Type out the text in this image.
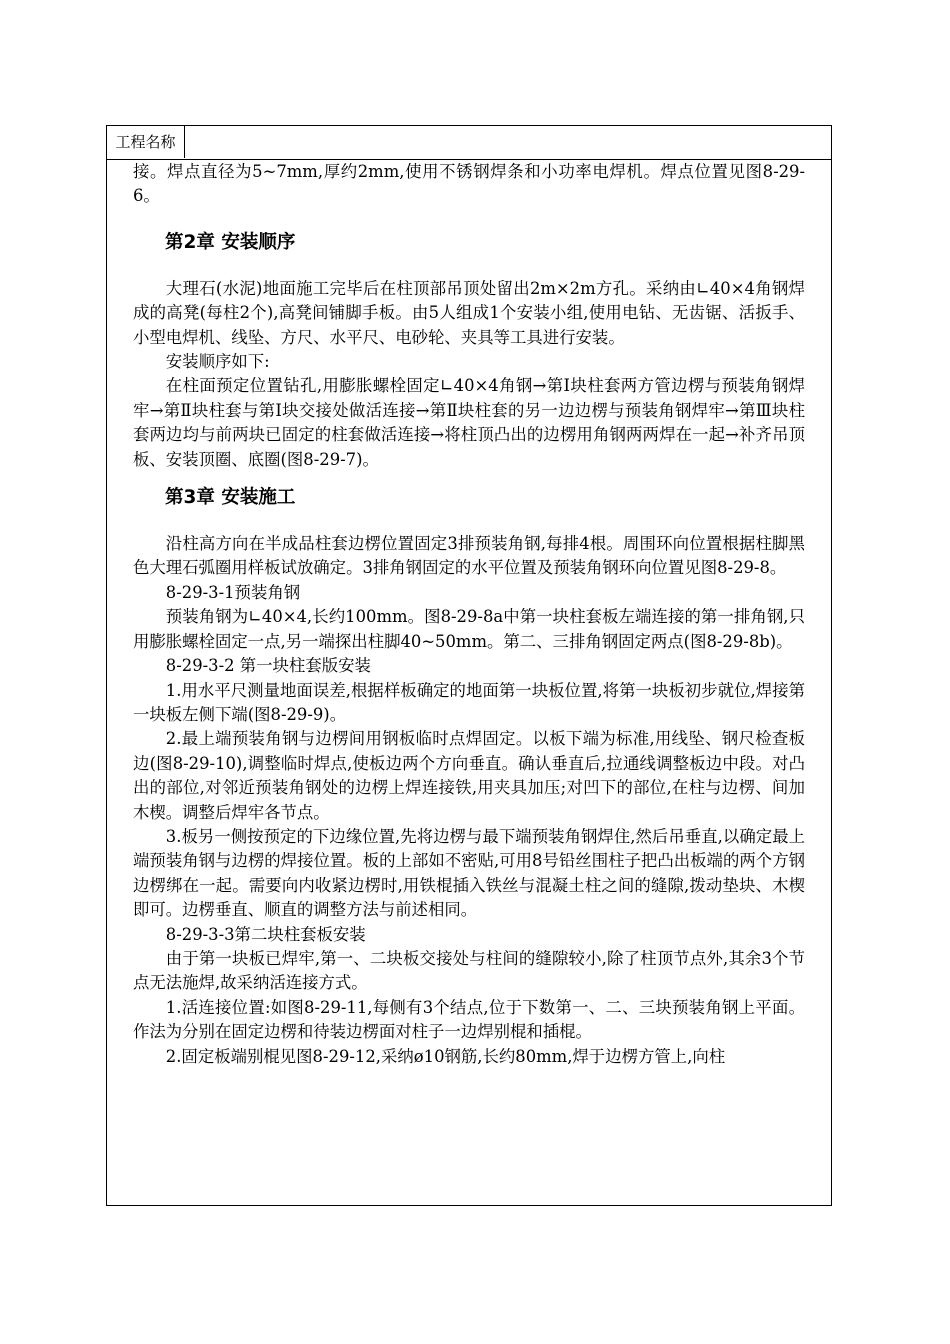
工程名称

接。焊点直径为5~7mm,厚约2mm,使用不锈钢焊条和小功率电焊机。焊点位置见图8-29-6。

第2章 安装顺序

大理石(水泥)地面施工完毕后在柱顶部吊顶处留出2m×2m方孔。采纳由∟40×4角钢焊成的高凳(每柱2个),高凳间铺脚手板。由5人组成1个安装小组,使用电钻、无齿锯、活扳手、小型电焊机、线坠、方尺、水平尺、电砂轮、夹具等工具进行安装。

安装顺序如下:

在柱面预定位置钻孔,用膨胀螺栓固定∟40×4角钢→第Ⅰ块柱套两方管边楞与预装角钢焊牢→第Ⅱ块柱套与第Ⅰ块交接处做活连接→第Ⅱ块柱套的另一边边楞与预装角钢焊牢→第Ⅲ块柱套两边均与前两块已固定的柱套做活连接→将柱顶凸出的边楞用角钢两两焊在一起→补齐吊顶板、安装顶圈、底圈(图8-29-7)。

第3章 安装施工

沿柱高方向在半成品柱套边楞位置固定3排预装角钢,每排4根。周围环向位置根据柱脚黑色大理石弧圈用样板试放确定。3排角钢固定的水平位置及预装角钢环向位置见图8-29-8。

8-29-3-1预装角钢

预装角钢为∟40×4,长约100mm。图8-29-8a中第一块柱套板左端连接的第一排角钢,只用膨胀螺栓固定一点,另一端探出柱脚40~50mm。第二、三排角钢固定两点(图8-29-8b)。

8-29-3-2 第一块柱套版安装

1.用水平尺测量地面误差,根据样板确定的地面第一块板位置,将第一块板初步就位,焊接第一块板左侧下端(图8-29-9)。

2.最上端预装角钢与边楞间用钢板临时点焊固定。以板下端为标准,用线坠、钢尺检查板边(图8-29-10),调整临时焊点,使板边两个方向垂直。确认垂直后,拉通线调整板边中段。对凸出的部位,对邻近预装角钢处的边楞上焊连接铁,用夹具加压;对凹下的部位,在柱与边楞、间加木楔。调整后焊牢各节点。

3.板另一侧按预定的下边缘位置,先将边楞与最下端预装角钢焊住,然后吊垂直,以确定最上端预装角钢与边楞的焊接位置。板的上部如不密贴,可用8号铅丝围柱子把凸出板端的两个方钢边楞绑在一起。需要向内收紧边楞时,用铁棍插入铁丝与混凝土柱之间的缝隙,拨动垫块、木楔即可。边楞垂直、顺直的调整方法与前述相同。

8-29-3-3第二块柱套板安装

由于第一块板已焊牢,第一、二块板交接处与柱间的缝隙较小,除了柱顶节点外,其余3个节点无法施焊,故采纳活连接方式。

1.活连接位置:如图8-29-11,每侧有3个结点,位于下数第一、二、三块预装角钢上平面。作法为分别在固定边楞和待装边楞面对柱子一边焊别棍和插棍。

2.固定板端别棍见图8-29-12,采纳ø10钢筋,长约80mm,焊于边楞方管上,向柱
